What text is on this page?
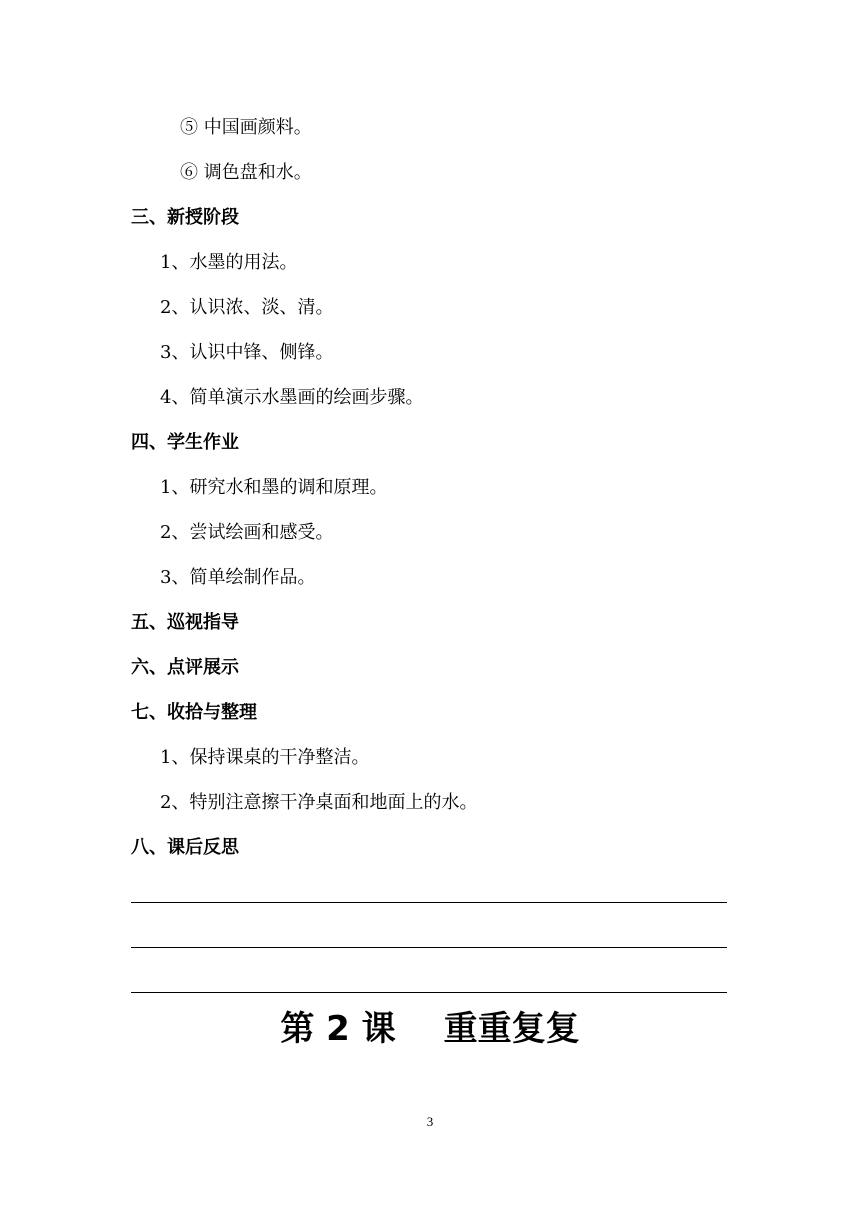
⑤ 中国画颜料。
⑥ 调色盘和水。
三、新授阶段
1、水墨的用法。
2、认识浓、淡、清。
3、认识中锋、侧锋。
4、简单演示水墨画的绘画步骤。
四、学生作业
1、研究水和墨的调和原理。
2、尝试绘画和感受。
3、简单绘制作品。
五、巡视指导
六、点评展示
七、收拾与整理
1、保持课桌的干净整洁。
2、特别注意擦干净桌面和地面上的水。
八、课后反思
第 2 课 重重复复
3
